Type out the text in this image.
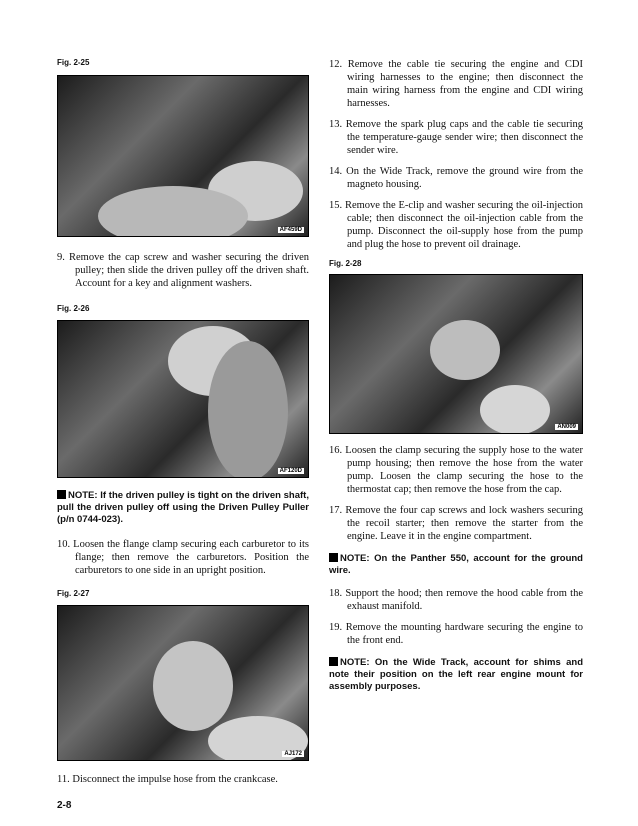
Fig. 2-25

AF459D

9. Remove the cap screw and washer securing the driven pulley; then slide the driven pulley off the driven shaft. Account for a key and alignment washers.

Fig. 2-26

AF120D

NOTE: If the driven pulley is tight on the driven shaft, pull the driven pulley off using the Driven Pulley Puller (p/n 0744-023).

10. Loosen the flange clamp securing each carburetor to its flange; then remove the carburetors. Position the carburetors to one side in an upright position.

Fig. 2-27

AJ172

11. Disconnect the impulse hose from the crankcase.

12. Remove the cable tie securing the engine and CDI wiring harnesses to the engine; then disconnect the main wiring harness from the engine and CDI wiring harnesses.

13. Remove the spark plug caps and the cable tie securing the temperature-gauge sender wire; then disconnect the sender wire.

14. On the Wide Track, remove the ground wire from the magneto housing.

15. Remove the E-clip and washer securing the oil-injection cable; then disconnect the oil-injection cable from the pump. Disconnect the oil-supply hose from the pump and plug the hose to prevent oil drainage.

Fig. 2-28

AN009

16. Loosen the clamp securing the supply hose to the water pump housing; then remove the hose from the water pump. Loosen the clamp securing the hose to the thermostat cap; then remove the hose from the cap.

17. Remove the four cap screws and lock washers securing the recoil starter; then remove the starter from the engine. Leave it in the engine compartment.

NOTE: On the Panther 550, account for the ground wire.

18. Support the hood; then remove the hood cable from the exhaust manifold.

19. Remove the mounting hardware securing the engine to the front end.

NOTE: On the Wide Track, account for shims and note their position on the left rear engine mount for assembly purposes.

2-8
